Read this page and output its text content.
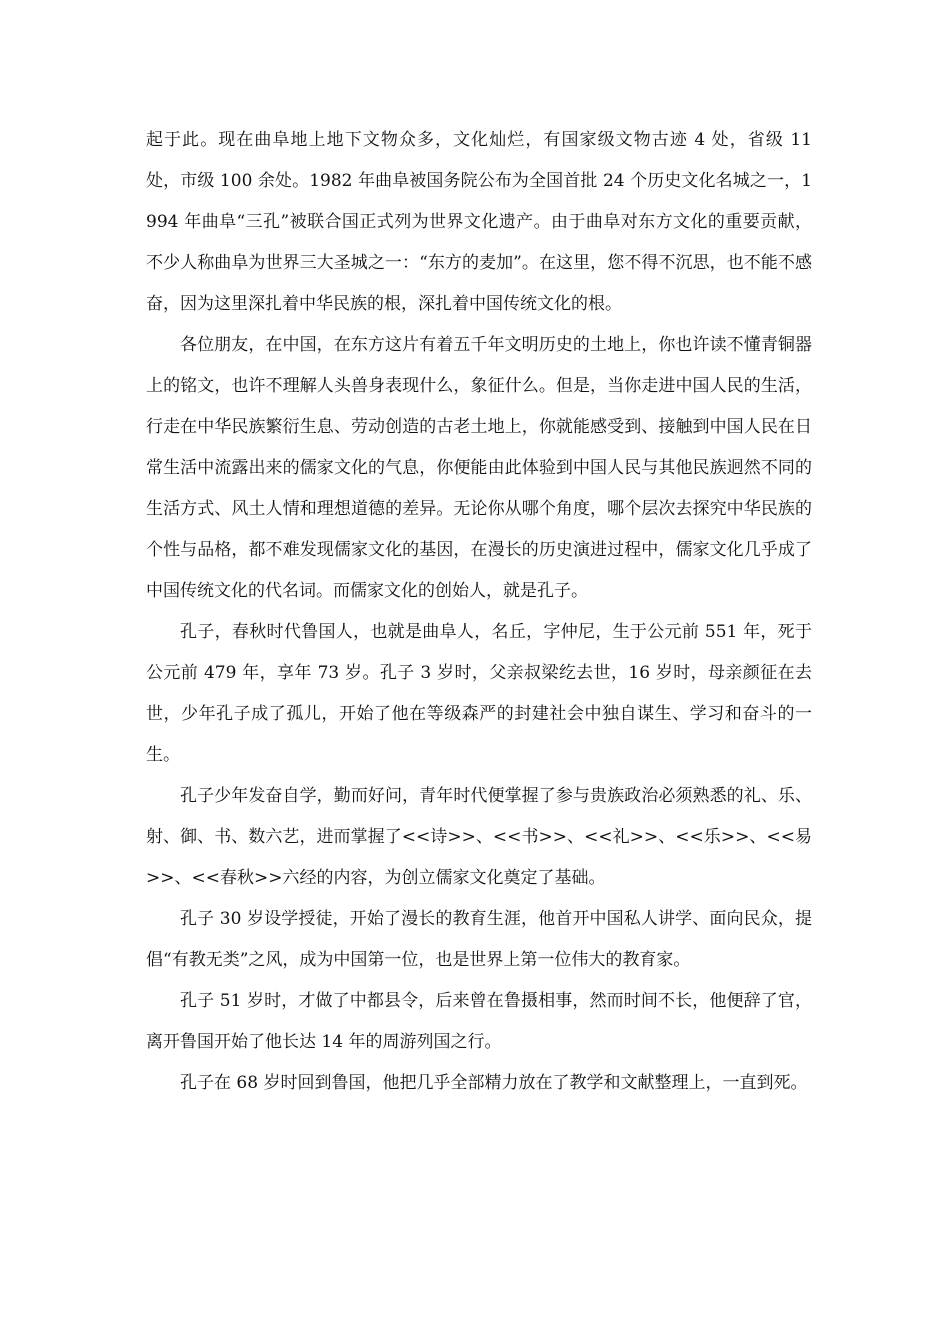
起于此。现在曲阜地上地下文物众多，文化灿烂，有国家级文物古迹 4 处，省级 11 处，市级 100 余处。1982 年曲阜被国务院公布为全国首批 24 个历史文化名城之一，1994 年曲阜“三孔”被联合国正式列为世界文化遗产。由于曲阜对东方文化的重要贡献，不少人称曲阜为世界三大圣城之一：“东方的麦加”。在这里，您不得不沉思，也不能不感奋，因为这里深扎着中华民族的根，深扎着中国传统文化的根。

各位朋友，在中国，在东方这片有着五千年文明历史的土地上，你也许读不懂青铜器上的铭文，也许不理解人头兽身表现什么，象征什么。但是，当你走进中国人民的生活，行走在中华民族繁衍生息、劳动创造的古老土地上，你就能感受到、接触到中国人民在日常生活中流露出来的儒家文化的气息，你便能由此体验到中国人民与其他民族迥然不同的生活方式、风土人情和理想道德的差异。无论你从哪个角度，哪个层次去探究中华民族的个性与品格，都不难发现儒家文化的基因，在漫长的历史演进过程中，儒家文化几乎成了中国传统文化的代名词。而儒家文化的创始人，就是孔子。

孔子，春秋时代鲁国人，也就是曲阜人，名丘，字仲尼，生于公元前 551 年，死于公元前 479 年，享年 73 岁。孔子 3 岁时，父亲叔梁纥去世，16 岁时，母亲颜征在去世，少年孔子成了孤儿，开始了他在等级森严的封建社会中独自谋生、学习和奋斗的一生。

孔子少年发奋自学，勤而好问，青年时代便掌握了参与贵族政治必须熟悉的礼、乐、射、御、书、数六艺，进而掌握了<<诗>>、<<书>>、<<礼>>、<<乐>>、<<易>>、<<春秋>>六经的内容，为创立儒家文化奠定了基础。

孔子 30 岁设学授徒，开始了漫长的教育生涯，他首开中国私人讲学、面向民众，提倡“有教无类”之风，成为中国第一位，也是世界上第一位伟大的教育家。

孔子 51 岁时，才做了中都县令，后来曾在鲁摄相事，然而时间不长，他便辞了官，离开鲁国开始了他长达 14 年的周游列国之行。

孔子在 68 岁时回到鲁国，他把几乎全部精力放在了教学和文献整理上，一直到死。
